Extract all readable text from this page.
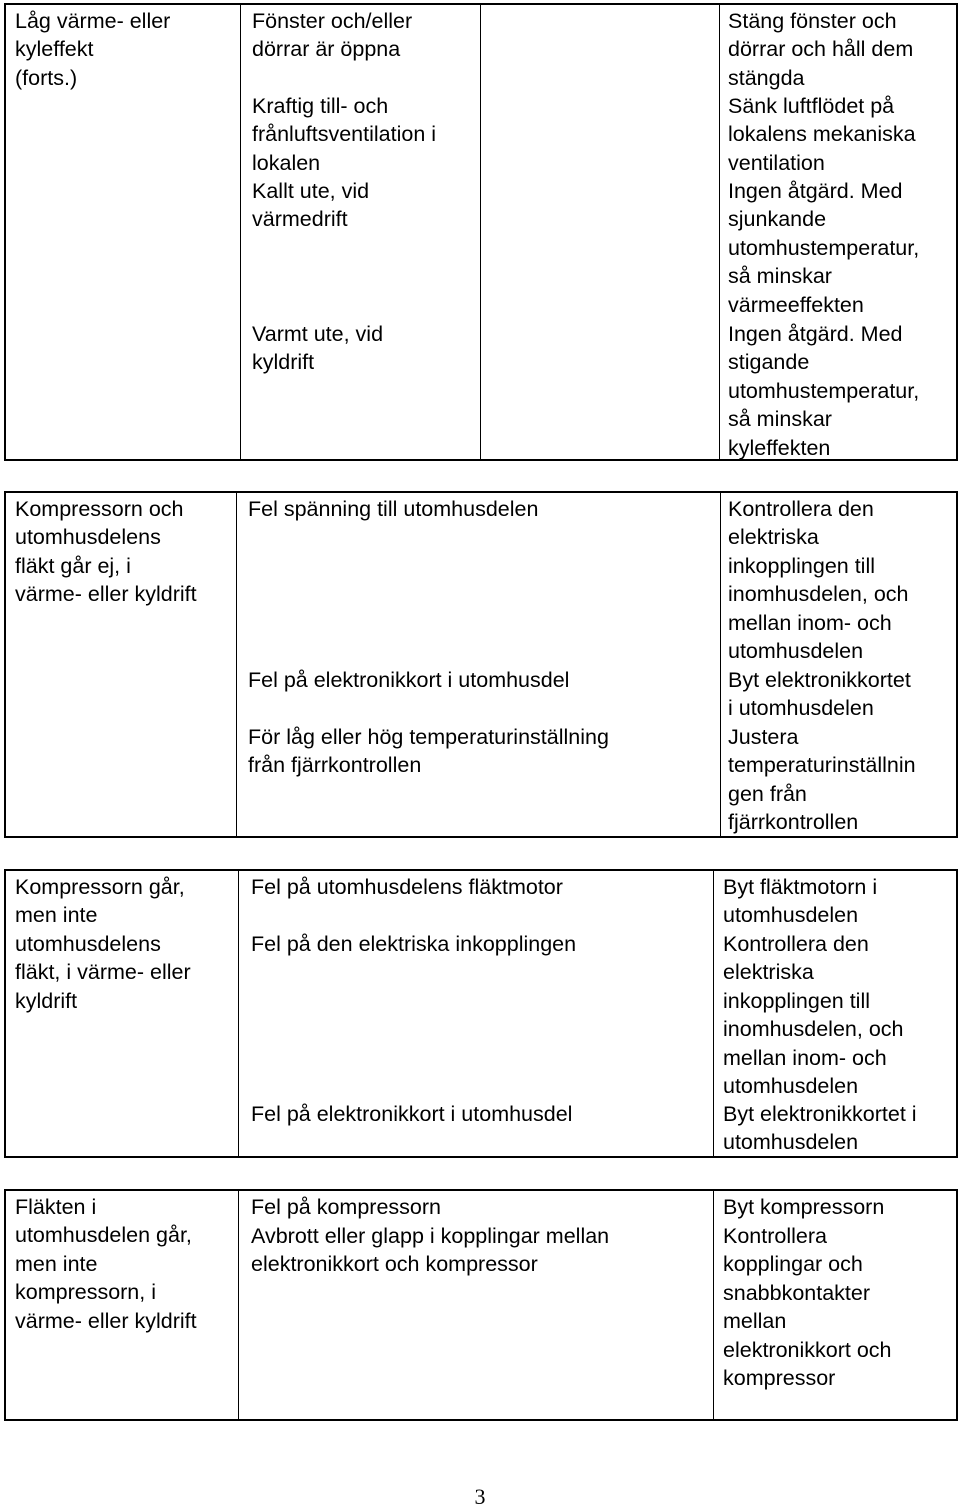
Låg värme- eller
kyleffekt
(forts.)
Fönster och/eller
dörrar är öppna
Kraftig till- och
frånluftsventilation i
lokalen
Kallt ute, vid
värmedrift
Varmt ute, vid
kyldrift
Stäng fönster och
dörrar och håll dem
stängda
Sänk luftflödet på
lokalens mekaniska
ventilation
Ingen åtgärd. Med
sjunkande
utomhustemperatur,
så minskar
värmeeffekten
Ingen åtgärd. Med
stigande
utomhustemperatur,
så minskar
kyleffekten
Kompressorn och
utomhusdelens
fläkt går ej, i
värme- eller kyldrift
Fel spänning till utomhusdelen
Fel på elektronikkort i utomhusdel
För låg eller hög temperaturinställning
från fjärrkontrollen
Kontrollera den
elektriska
inkopplingen till
inomhusdelen, och
mellan inom- och
utomhusdelen
Byt elektronikkortet
i utomhusdelen
Justera
temperaturinställnin
gen från
fjärrkontrollen
Kompressorn går,
men inte
utomhusdelens
fläkt, i värme- eller
kyldrift
Fel på utomhusdelens fläktmotor
Fel på den elektriska inkopplingen
Fel på elektronikkort i utomhusdel
Byt fläktmotorn i
utomhusdelen
Kontrollera den
elektriska
inkopplingen till
inomhusdelen, och
mellan inom- och
utomhusdelen
Byt elektronikkortet i
utomhusdelen
Fläkten i
utomhusdelen går,
men inte
kompressorn, i
värme- eller kyldrift
Fel på kompressorn
Avbrott eller glapp i kopplingar mellan
elektronikkort och kompressor
Byt kompressorn
Kontrollera
kopplingar och
snabbkontakter
mellan
elektronikkort och
kompressor
3
